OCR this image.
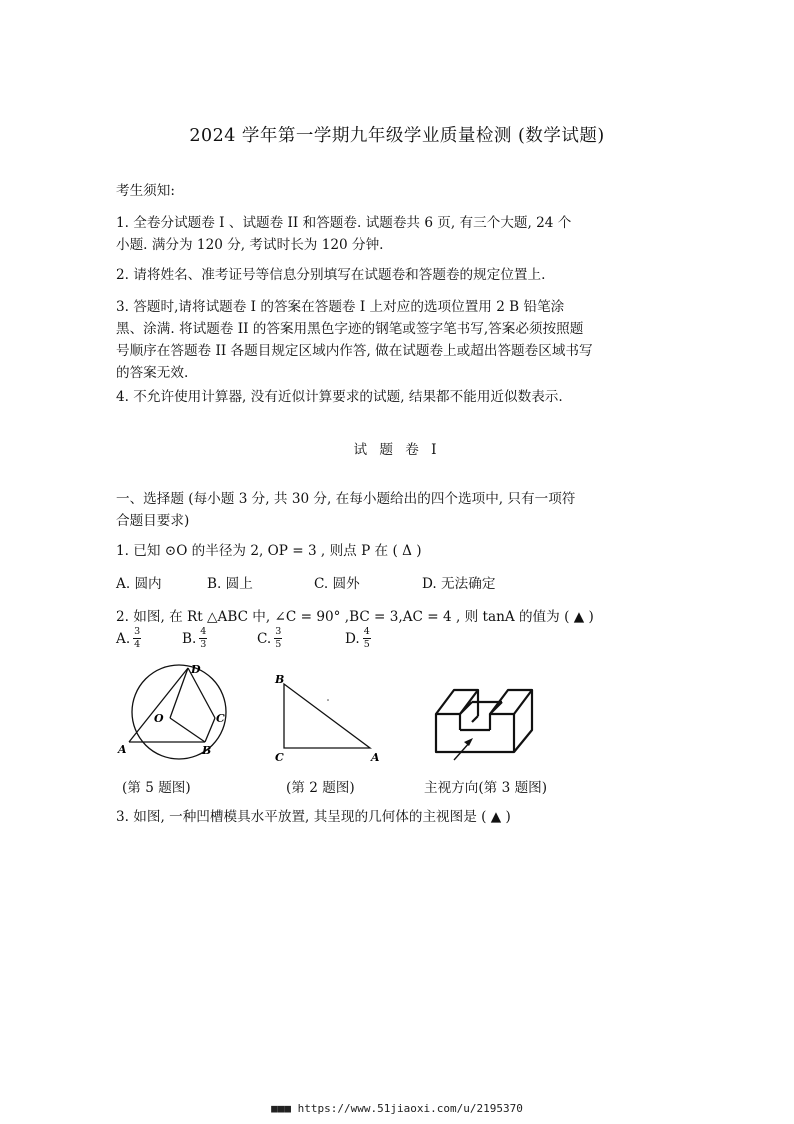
2024 学年第一学期九年级学业质量检测 (数学试题)
考生须知:
1. 全卷分试题卷 I 、试题卷 II 和答题卷. 试题卷共 6 页, 有三个大题, 24 个
小题. 满分为 120 分, 考试时长为 120 分钟.
2. 请将姓名、准考证号等信息分别填写在试题卷和答题卷的规定位置上.
3. 答题时,请将试题卷 I 的答案在答题卷 I 上对应的选项位置用 2 B 铅笔涂
黑、涂满. 将试题卷 II 的答案用黑色字迹的钢笔或签字笔书写,答案必须按照题
号顺序在答题卷 II 各题目规定区域内作答, 做在试题卷上或超出答题卷区域书写
的答案无效.
4. 不允许使用计算器, 没有近似计算要求的试题, 结果都不能用近似数表示.
试 题 卷 I
一、选择题 (每小题 3 分, 共 30 分, 在每小题给出的四个选项中, 只有一项符
合题目要求)
1. 已知 ⊙O 的半径为 2, OP = 3 , 则点 P 在 ( Δ )
A. 圆内	B. 圆上	C. 圆外	D. 无法确定
2. 如图, 在 Rt △ABC 中, ∠C = 90° ,BC = 3,AC = 4 , 则 tanA 的值为 ( ▲ )
A. $\frac{3}{4}$	B. $\frac{4}{3}$	C. $\frac{3}{5}$	D. $\frac{4}{5}$
D
C
O
A	B
B
C	A
(第 5 题图)	(第 2 题图)	主视方向(第 3 题图)
3. 如图, 一种凹槽模具水平放置, 其呈现的几何体的主视图是 ( ▲ )
■■■ https://www.51jiaoxi.com/u/2195370
